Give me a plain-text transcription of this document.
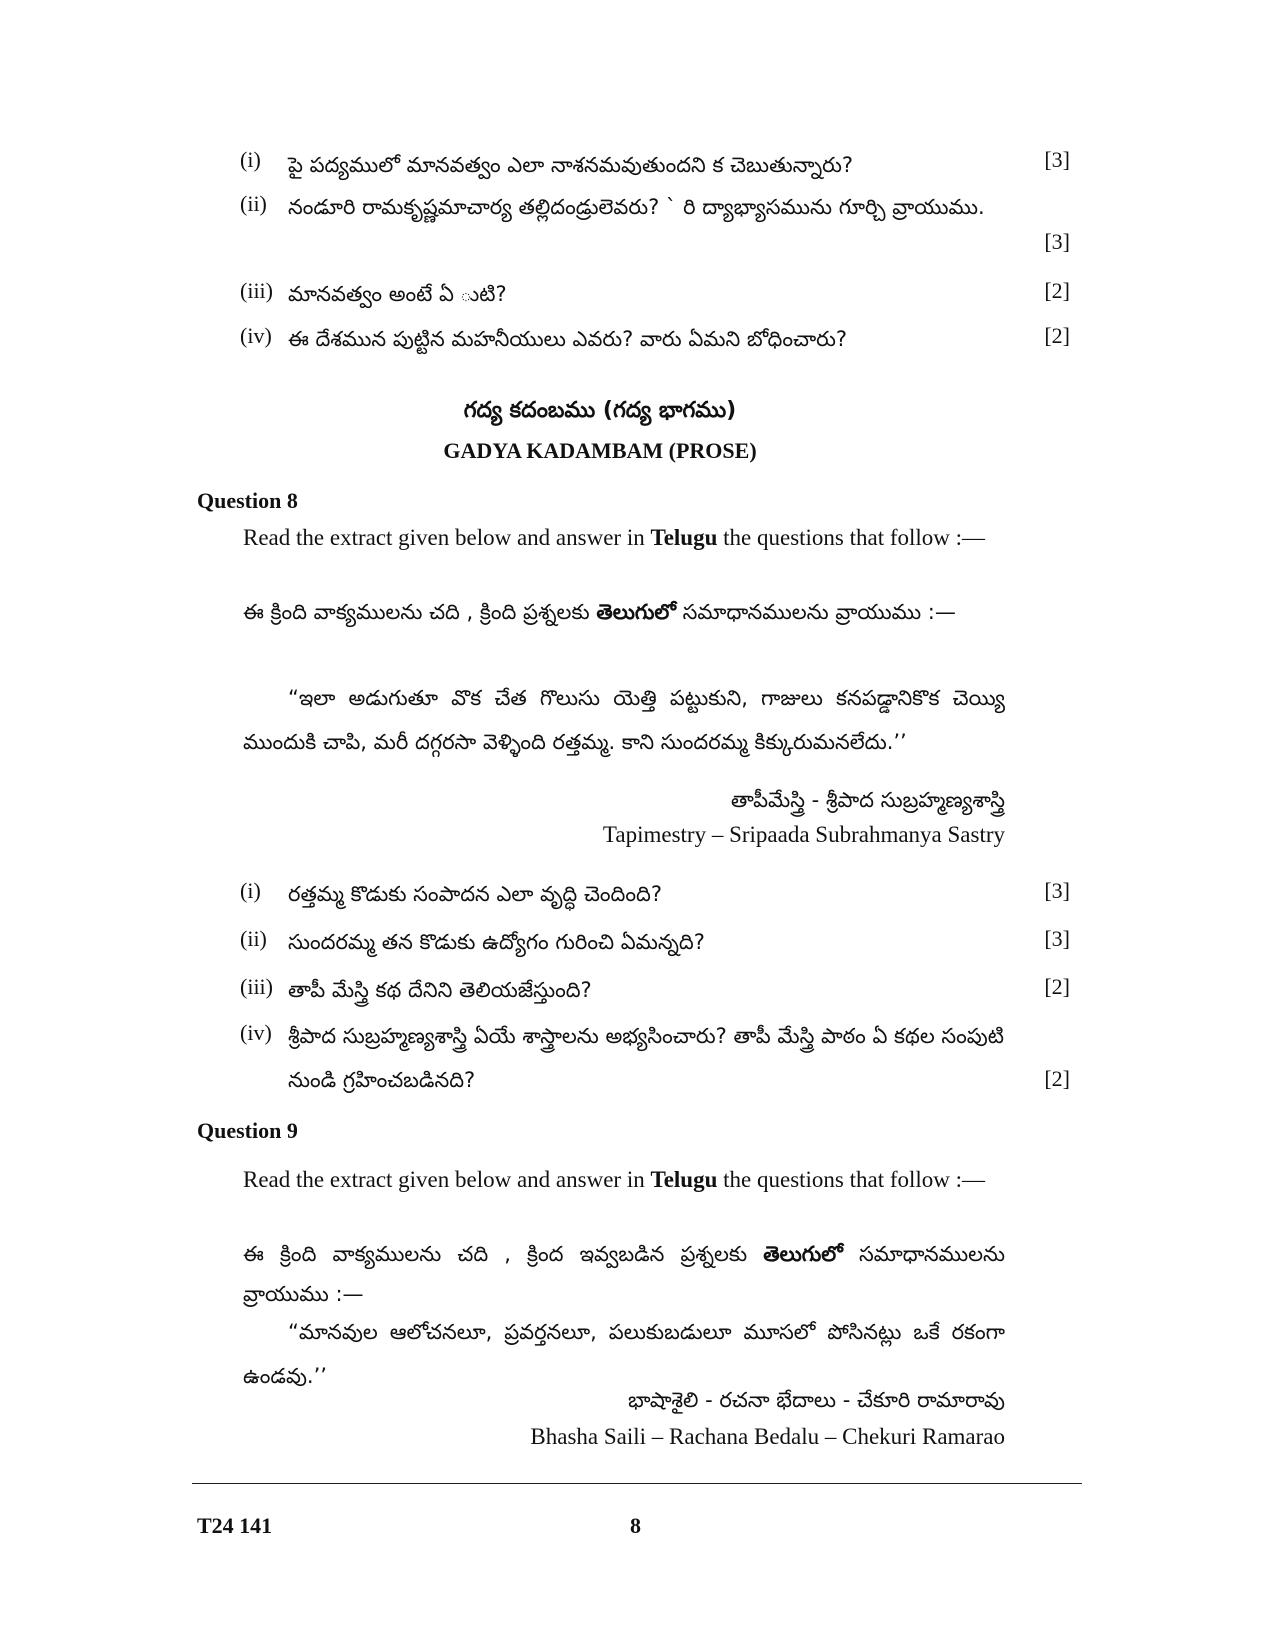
(i) పై పద్యములో మానవత్వం ఎలా నాశనమవుతుందని క చెబుతున్నారు?	[3]
(ii) నండూరి రామకృష్ణమాచార్య తల్లిదండ్రులెవరు? ` రి ద్యాభ్యాసమును గూర్చి వ్రాయుము.
[3]
(iii) మానవత్వం అంటే ఏ ుటి?	[2]
(iv) ఈ దేశమున పుట్టిన మహనీయులు ఎవరు? వారు ఏమని బోధించారు?	[2]
గద్య కదంబము (గద్య భాగము)
GADYA KADAMBAM (PROSE)
Question 8
Read the extract given below and answer in Telugu the questions that follow :—
ఈ క్రింది వాక్యములను చది , క్రింది ప్రశ్నలకు తెలుగులో సమాధానములను వ్రాయుము :—
“ఇలా అడుగుతూ వొక చేత గొలుసు యెత్తి పట్టుకుని, గాజులు కనపడ్డానికొక చెయ్యి ముందుకి చాపి, మరీ దగ్గరసా వెళ్ళింది రత్తమ్మ. కాని సుందరమ్మ కిక్కురుమనలేదు.’’
తాపీమేస్త్రి - శ్రీపాద సుబ్రహ్మణ్యశాస్త్రి
Tapimestry – Sripaada Subrahmanya Sastry
(i) రత్తమ్మ కొడుకు సంపాదన ఎలా వృద్ధి చెందింది?	[3]
(ii) సుందరమ్మ తన కొడుకు ఉద్యోగం గురించి ఏమన్నది?	[3]
(iii) తాపీ మేస్త్రి కథ దేనిని తెలియజేస్తుంది?	[2]
(iv) శ్రీపాద సుబ్రహ్మణ్యశాస్త్రి ఏయే శాస్త్రాలను అభ్యసించారు? తాపీ మేస్త్రి పాఠం ఏ కథల సంపుటి నుండి గ్రహించబడినది?	[2]
Question 9
Read the extract given below and answer in Telugu the questions that follow :—
ఈ క్రింది వాక్యములను చది , క్రింద ఇవ్వబడిన ప్రశ్నలకు తెలుగులో సమాధానములను వ్రాయుము :—
“మానవుల ఆలోచనలూ, ప్రవర్తనలూ, పలుకుబడులూ మూసలో పోసినట్లు ఒకే రకంగా ఉండవు.’’
భాషాశైలి - రచనా భేదాలు - చేకూరి రామారావు
Bhasha Saili – Rachana Bedalu – Chekuri Ramarao
T24 141	8
